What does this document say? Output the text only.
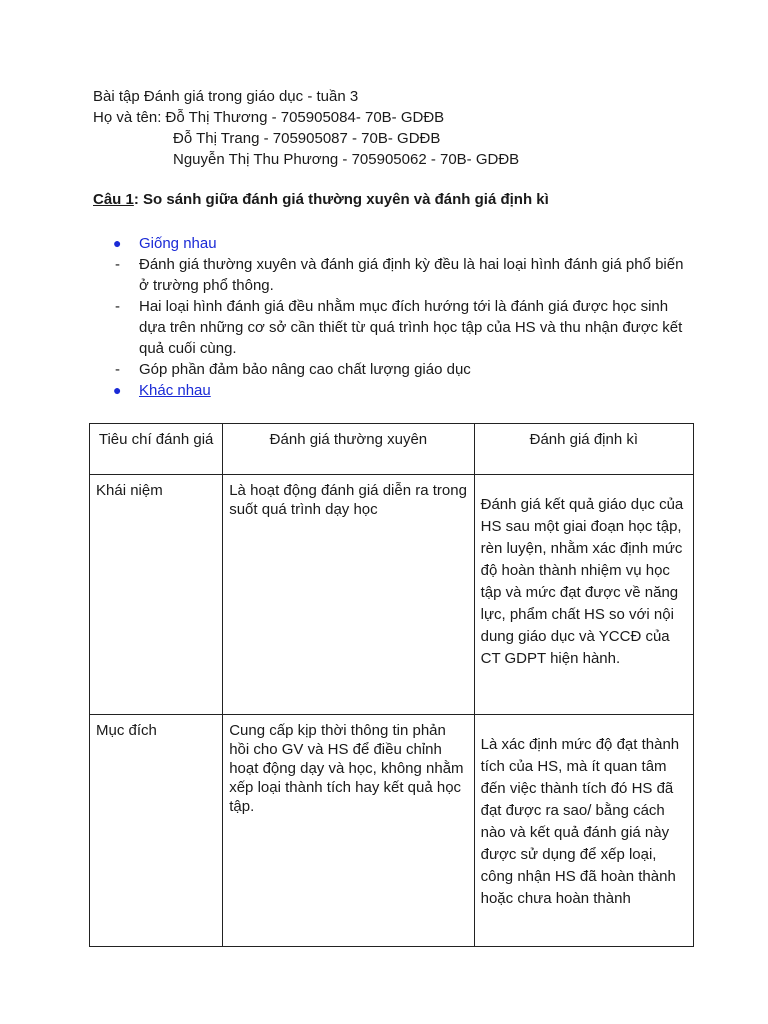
Bài tập Đánh giá trong giáo dục - tuần 3
Họ và tên: Đỗ Thị Thương - 705905084- 70B- GDĐB
Đỗ Thị Trang - 705905087 - 70B- GDĐB
Nguyễn Thị Thu Phương - 705905062 - 70B- GDĐB
Câu 1: So sánh giữa đánh giá thường xuyên và đánh giá định kì
● Giống nhau
- Đánh giá thường xuyên và đánh giá định kỳ đều là hai loại hình đánh giá phổ biến ở trường phổ thông.
- Hai loại hình đánh giá đều nhằm mục đích hướng tới là đánh giá được học sinh dựa trên những cơ sở cần thiết từ quá trình học tập của HS và thu nhận được kết quả cuối cùng.
- Góp phần đảm bảo nâng cao chất lượng giáo dục
● Khác nhau
Tiêu chí đánh giá	Đánh giá thường xuyên	Đánh giá định kì
Khái niệm	Là hoạt động đánh giá diễn ra trong suốt quá trình dạy học	Đánh giá kết quả giáo dục của HS sau một giai đoạn học tập, rèn luyện, nhằm xác định mức độ hoàn thành nhiệm vụ học tập và mức đạt được về năng lực, phẩm chất HS so với nội dung giáo dục và YCCĐ của CT GDPT hiện hành.
Mục đích	Cung cấp kịp thời thông tin phản hồi cho GV và HS để điều chỉnh hoạt động dạy và học, không nhằm xếp loại thành tích hay kết quả học tập.	Là xác định mức độ đạt thành tích của HS, mà ít quan tâm đến việc thành tích đó HS đã đạt được ra sao/ bằng cách nào và kết quả đánh giá này được sử dụng để xếp loại, công nhận HS đã hoàn thành hoặc chưa hoàn thành
